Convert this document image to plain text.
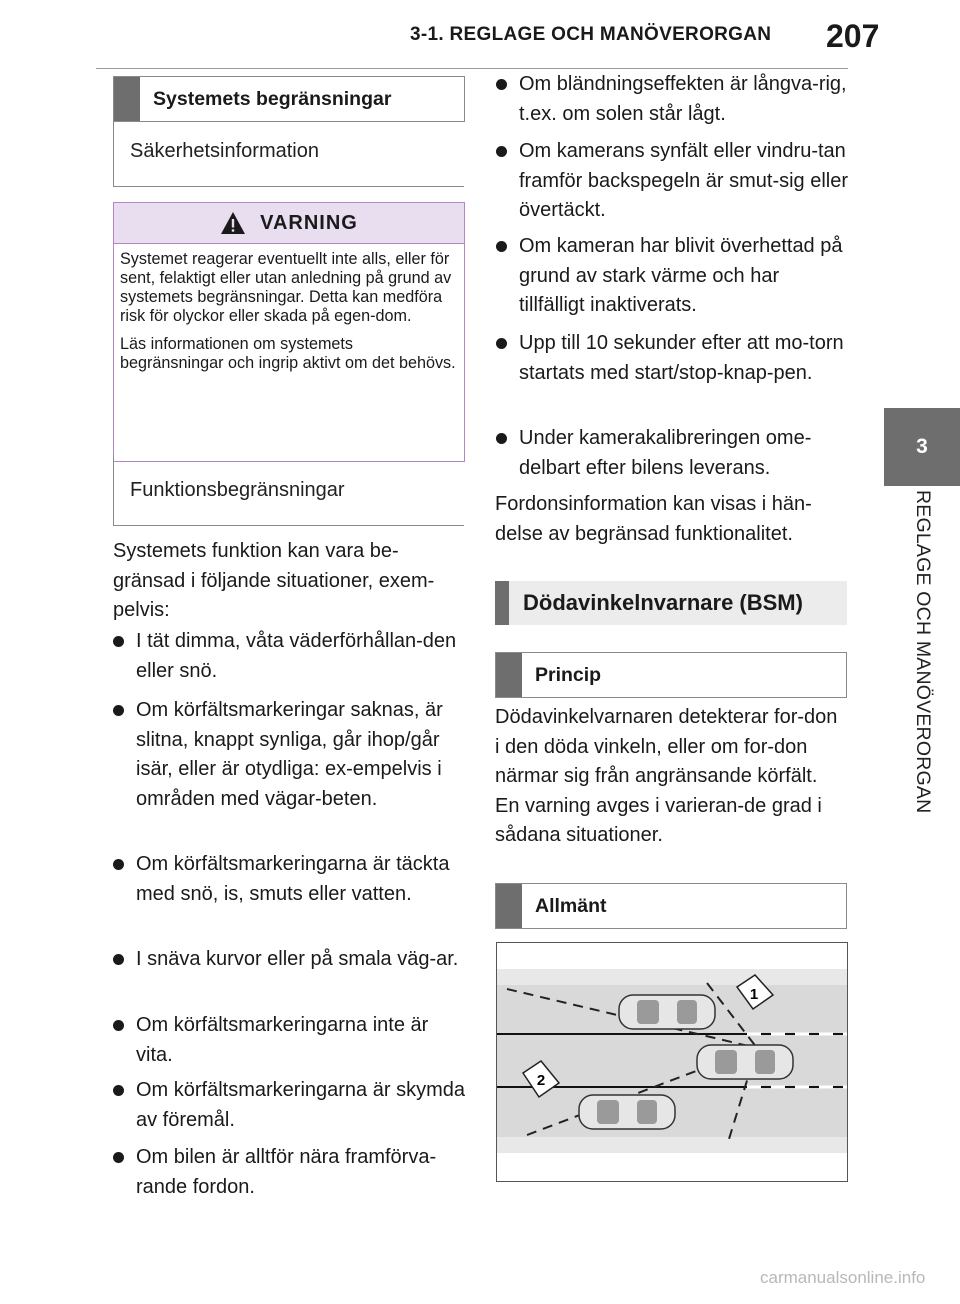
3-1. REGLAGE OCH MANÖVERORGAN 207
3
REGLAGE OCH MANÖVERORGAN
Systemets begränsningar
Säkerhetsinformation
VARNING

Systemet reagerar eventuellt inte alls, eller för sent, felaktigt eller utan anledning på grund av systemets begränsningar. Detta kan medföra risk för olyckor eller skada på egen-dom.

Läs informationen om systemets begränsningar och ingrip aktivt om det behövs.

Funktionsbegränsningar
Systemets funktion kan vara be-gränsad i följande situationer, exem-pelvis:
I tät dimma, våta väderförhållan-den eller snö.
Om körfältsmarkeringar saknas, är slitna, knappt synliga, går ihop/går isär, eller är otydliga: ex-empelvis i områden med vägar-beten.
Om körfältsmarkeringarna är täckta med snö, is, smuts eller vatten.
I snäva kurvor eller på smala väg-ar.
Om körfältsmarkeringarna inte är vita.
Om körfältsmarkeringarna är skymda av föremål.
Om bilen är alltför nära framförva-rande fordon.
Om bländningseffekten är långva-rig, t.ex. om solen står lågt.
Om kamerans synfält eller vindru-tan framför backspegeln är smut-sig eller övertäckt.
Om kameran har blivit överhettad på grund av stark värme och har tillfälligt inaktiverats.
Upp till 10 sekunder efter att mo-torn startats med start/stop-knap-pen.
Under kamerakalibreringen ome-delbart efter bilens leverans.
Fordonsinformation kan visas i hän-delse av begränsad funktionalitet.
Dödavinkelnvarnare (BSM)
Princip
Dödavinkelvarnaren detekterar for-don i den döda vinkeln, eller om for-don närmar sig från angränsande körfält. En varning avges i varieran-de grad i sådana situationer.
Allmänt
1
2
carmanualsonline.info
